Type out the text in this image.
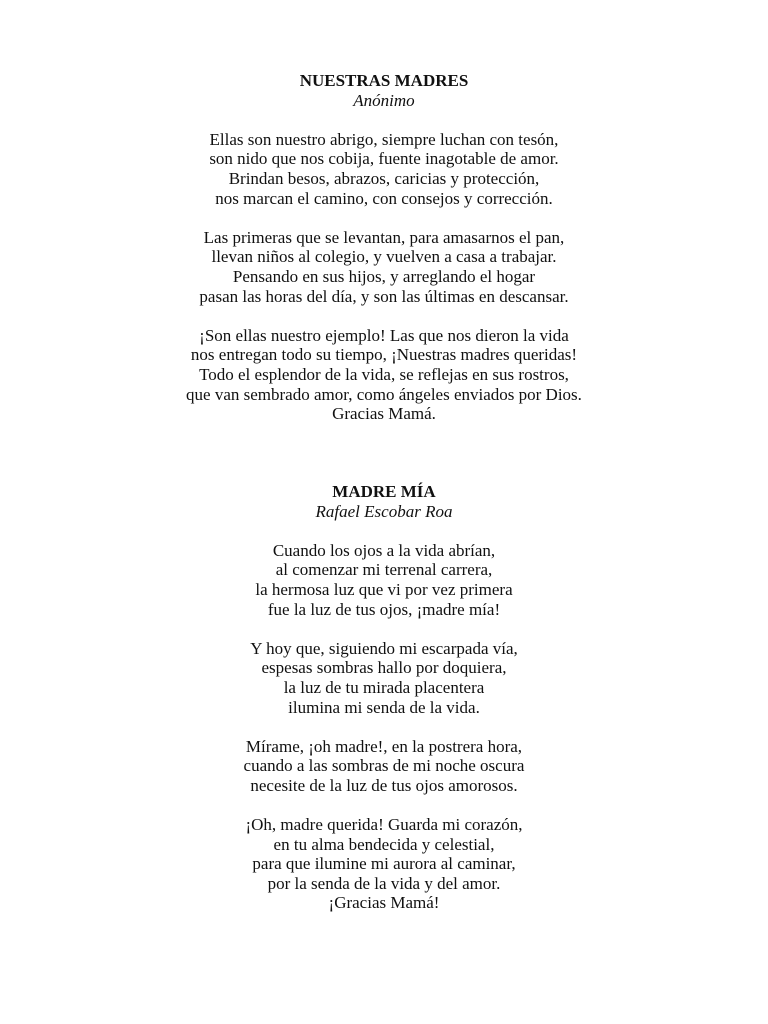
NUESTRAS MADRES
Anónimo
Ellas son nuestro abrigo, siempre luchan con tesón,
son nido que nos cobija, fuente inagotable de amor.
Brindan besos, abrazos, caricias y protección,
nos marcan el camino, con consejos y corrección.
Las primeras que se levantan, para amasarnos el pan,
llevan niños al colegio, y vuelven a casa a trabajar.
Pensando en sus hijos, y arreglando el hogar
pasan las horas del día, y son las últimas en descansar.
¡Son ellas nuestro ejemplo! Las que nos dieron la vida
nos entregan todo su tiempo, ¡Nuestras madres queridas!
Todo el esplendor de la vida, se reflejas en sus rostros,
que van sembrado amor, como ángeles enviados por Dios.
Gracias Mamá.
MADRE MÍA
Rafael Escobar Roa
Cuando los ojos a la vida abrían,
al comenzar mi terrenal carrera,
la hermosa luz que vi por vez primera
fue la luz de tus ojos, ¡madre mía!
Y hoy que, siguiendo mi escarpada vía,
espesas sombras hallo por doquiera,
la luz de tu mirada placentera
ilumina mi senda de la vida.
Mírame, ¡oh madre!, en la postrera hora,
cuando a las sombras de mi noche oscura
necesite de la luz de tus ojos amorosos.
¡Oh, madre querida! Guarda mi corazón,
en tu alma bendecida y celestial,
para que ilumine mi aurora al caminar,
por la senda de la vida y del amor.
¡Gracias Mamá!
